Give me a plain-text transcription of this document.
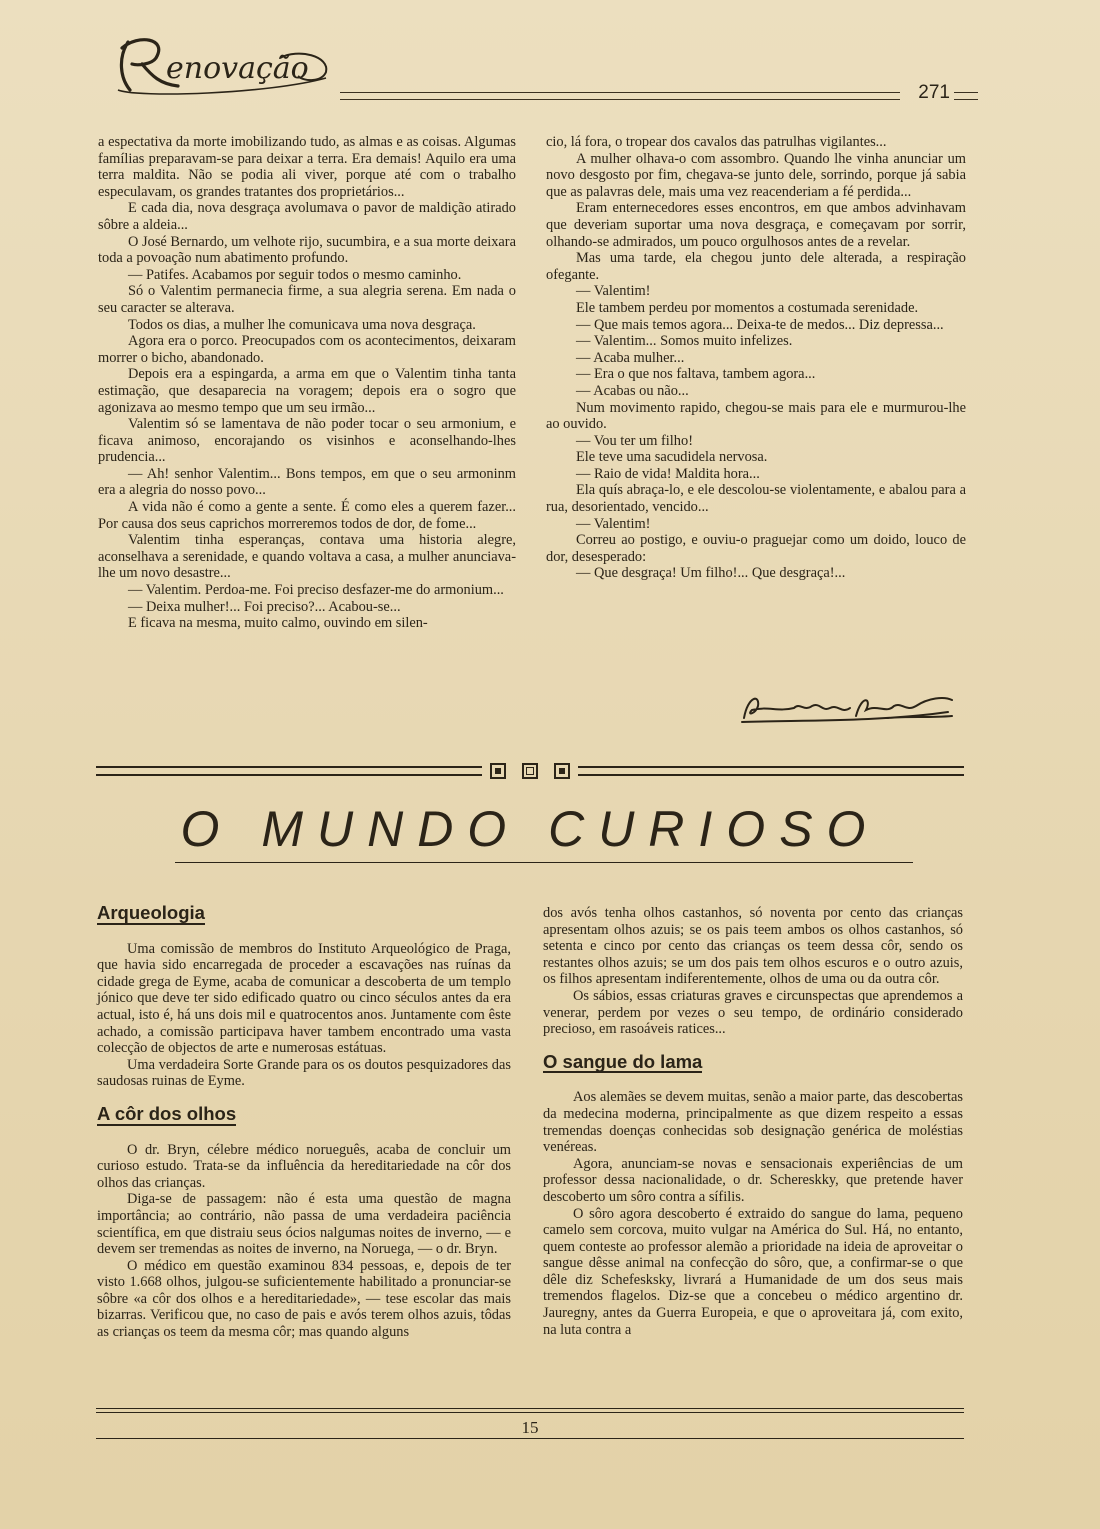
enovação
271

a espectativa da morte imobilizando tudo, as almas e as coisas. Algumas famílias preparavam-se para deixar a terra. Era demais! Aquilo era uma terra maldita. Não se podia ali viver, porque até com o trabalho especulavam, os grandes tratantes dos proprietários...

E cada dia, nova desgraça avolumava o pavor de maldição atirado sôbre a aldeia...

O José Bernardo, um velhote rijo, sucumbira, e a sua morte deixara toda a povoação num abatimento profundo.

— Patifes. Acabamos por seguir todos o mesmo caminho.

Só o Valentim permanecia firme, a sua alegria serena. Em nada o seu caracter se alterava.

Todos os dias, a mulher lhe comunicava uma nova desgraça.

Agora era o porco. Preocupados com os acontecimentos, deixaram morrer o bicho, abandonado.

Depois era a espingarda, a arma em que o Valentim tinha tanta estimação, que desaparecia na voragem; depois era o sogro que agonizava ao mesmo tempo que um seu irmão...

Valentim só se lamentava de não poder tocar o seu armonium, e ficava animoso, encorajando os visinhos e aconselhando-lhes prudencia...

— Ah! senhor Valentim... Bons tempos, em que o seu armoninm era a alegria do nosso povo...

A vida não é como a gente a sente. É como eles a querem fazer... Por causa dos seus caprichos morreremos todos de dor, de fome...

Valentim tinha esperanças, contava uma historia alegre, aconselhava a serenidade, e quando voltava a casa, a mulher anunciava-lhe um novo desastre...

— Valentim. Perdoa-me. Foi preciso desfazer-me do armonium...

— Deixa mulher!... Foi preciso?... Acabou-se...

E ficava na mesma, muito calmo, ouvindo em silen-

cio, lá fora, o tropear dos cavalos das patrulhas vigilantes...

A mulher olhava-o com assombro. Quando lhe vinha anunciar um novo desgosto por fim, chegava-se junto dele, sorrindo, porque já sabia que as palavras dele, mais uma vez reacenderiam a fé perdida...

Eram enternecedores esses encontros, em que ambos advinhavam que deveriam suportar uma nova desgraça, e começavam por sorrir, olhando-se admirados, um pouco orgulhosos antes de a revelar.

Mas uma tarde, ela chegou junto dele alterada, a respiração ofegante.

— Valentim!

Ele tambem perdeu por momentos a costumada serenidade.

— Que mais temos agora... Deixa-te de medos... Diz depressa...

— Valentim... Somos muito infelizes.

— Acaba mulher...

— Era o que nos faltava, tambem agora...

— Acabas ou não...

Num movimento rapido, chegou-se mais para ele e murmurou-lhe ao ouvido.

— Vou ter um filho!

Ele teve uma sacudidela nervosa.

— Raio de vida! Maldita hora...

Ela quís abraça-lo, e ele descolou-se violentamente, e abalou para a rua, desorientado, vencido...

— Valentim!

Correu ao postigo, e ouviu-o praguejar como um doido, louco de dor, desesperado:

— Que desgraça! Um filho!... Que desgraça!...

O MUNDO CURIOSO

Arqueologia

Uma comissão de membros do Instituto Arqueológico de Praga, que havia sido encarregada de proceder a escavações nas ruínas da cidade grega de Eyme, acaba de comunicar a descoberta de um templo jónico que deve ter sido edificado quatro ou cinco séculos antes da era actual, isto é, há uns dois mil e quatrocentos anos. Juntamente com êste achado, a comissão participava haver tambem encontrado uma vasta colecção de objectos de arte e numerosas estátuas.

Uma verdadeira Sorte Grande para os os doutos pesquizadores das saudosas ruinas de Eyme.

A côr dos olhos

O dr. Bryn, célebre médico norueguês, acaba de concluir um curioso estudo. Trata-se da influência da hereditariedade na côr dos olhos das crianças.

Diga-se de passagem: não é esta uma questão de magna importância; ao contrário, não passa de uma verdadeira paciência scientífica, em que distraiu seus ócios nalgumas noites de inverno, — e devem ser tremendas as noites de inverno, na Noruega, — o dr. Bryn.

O médico em questão examinou 834 pessoas, e, depois de ter visto 1.668 olhos, julgou-se suficientemente habilitado a pronunciar-se sôbre «a côr dos olhos e a hereditariedade», — tese escolar das mais bizarras. Verificou que, no caso de pais e avós terem olhos azuis, tôdas as crianças os teem da mesma côr; mas quando alguns

dos avós tenha olhos castanhos, só noventa por cento das crianças apresentam olhos azuis; se os pais teem ambos os olhos castanhos, só setenta e cinco por cento das crianças os teem dessa côr, sendo os restantes olhos azuis; se um dos pais tem olhos escuros e o outro azuis, os filhos apresentam indiferentemente, olhos de uma ou da outra côr.

Os sábios, essas criaturas graves e circunspectas que aprendemos a venerar, perdem por vezes o seu tempo, de ordinário considerado precioso, em rasoáveis ratices...

O sangue do lama

Aos alemães se devem muitas, senão a maior parte, das descobertas da medecina moderna, principalmente as que dizem respeito a essas tremendas doenças conhecidas sob designação genérica de moléstias venéreas.

Agora, anunciam-se novas e sensacionais experiências de um professor dessa nacionalidade, o dr. Schereskky, que pretende haver descoberto um sôro contra a sífilis.

O sôro agora descoberto é extraido do sangue do lama, pequeno camelo sem corcova, muito vulgar na América do Sul. Há, no entanto, quem conteste ao professor alemão a prioridade na ideia de aproveitar o sangue dêsse animal na confecção do sôro, que, a confirmar-se o que dêle diz Schefesksky, livrará a Humanidade de um dos seus mais tremendos flagelos. Diz-se que a concebeu o médico argentino dr. Jauregny, antes da Guerra Europeia, e que o aproveitara já, com exito, na luta contra a

15
